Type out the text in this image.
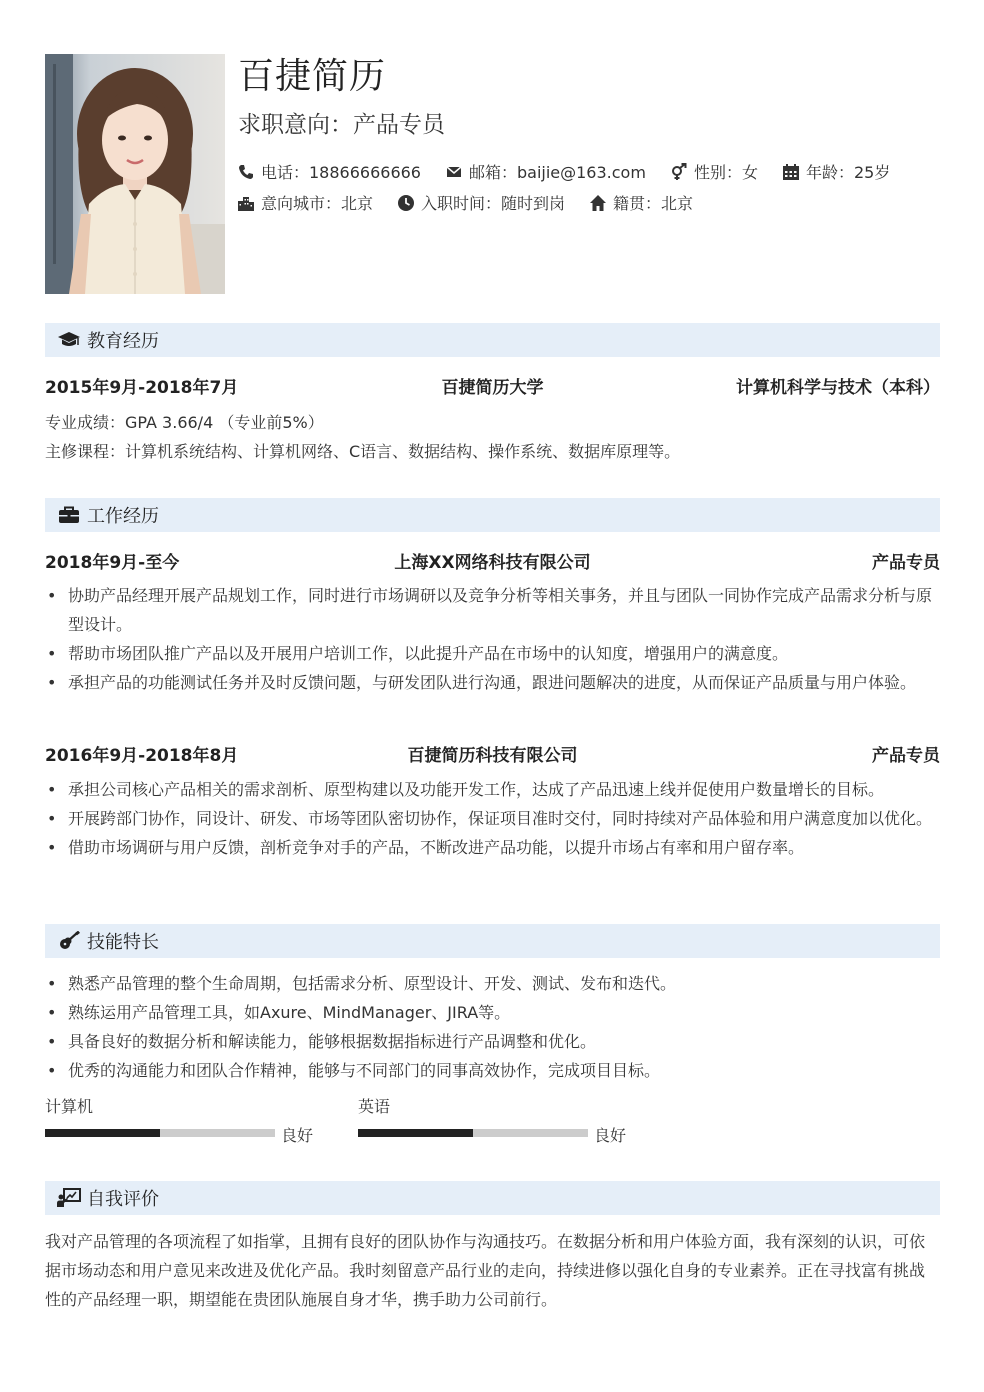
百捷简历
求职意向：产品专员
电话：18866666666	邮箱：baijie@163.com	性别：女	年龄：25岁
意向城市：北京	入职时间：随时到岗	籍贯：北京
教育经历
2015年9月-2018年7月	百捷简历大学	计算机科学与技术（本科）
专业成绩：GPA 3.66/4 （专业前5%）
主修课程：计算机系统结构、计算机网络、C语言、数据结构、操作系统、数据库原理等。
工作经历
2018年9月-至今	上海XX网络科技有限公司	产品专员
• 协助产品经理开展产品规划工作，同时进行市场调研以及竞争分析等相关事务，并且与团队一同协作完成产品需求分析与原型设计。
• 帮助市场团队推广产品以及开展用户培训工作，以此提升产品在市场中的认知度，增强用户的满意度。
• 承担产品的功能测试任务并及时反馈问题，与研发团队进行沟通，跟进问题解决的进度，从而保证产品质量与用户体验。
2016年9月-2018年8月	百捷简历科技有限公司	产品专员
• 承担公司核心产品相关的需求剖析、原型构建以及功能开发工作，达成了产品迅速上线并促使用户数量增长的目标。
• 开展跨部门协作，同设计、研发、市场等团队密切协作，保证项目准时交付，同时持续对产品体验和用户满意度加以优化。
• 借助市场调研与用户反馈，剖析竞争对手的产品，不断改进产品功能，以提升市场占有率和用户留存率。
技能特长
• 熟悉产品管理的整个生命周期，包括需求分析、原型设计、开发、测试、发布和迭代。
• 熟练运用产品管理工具，如Axure、MindManager、JIRA等。
• 具备良好的数据分析和解读能力，能够根据数据指标进行产品调整和优化。
• 优秀的沟通能力和团队合作精神，能够与不同部门的同事高效协作，完成项目目标。
计算机
良好
英语
良好
自我评价

我对产品管理的各项流程了如指掌，且拥有良好的团队协作与沟通技巧。在数据分析和用户体验方面，我有深刻的认识，可依据市场动态和用户意见来改进及优化产品。我时刻留意产品行业的走向，持续进修以强化自身的专业素养。正在寻找富有挑战性的产品经理一职，期望能在贵团队施展自身才华，携手助力公司前行。
